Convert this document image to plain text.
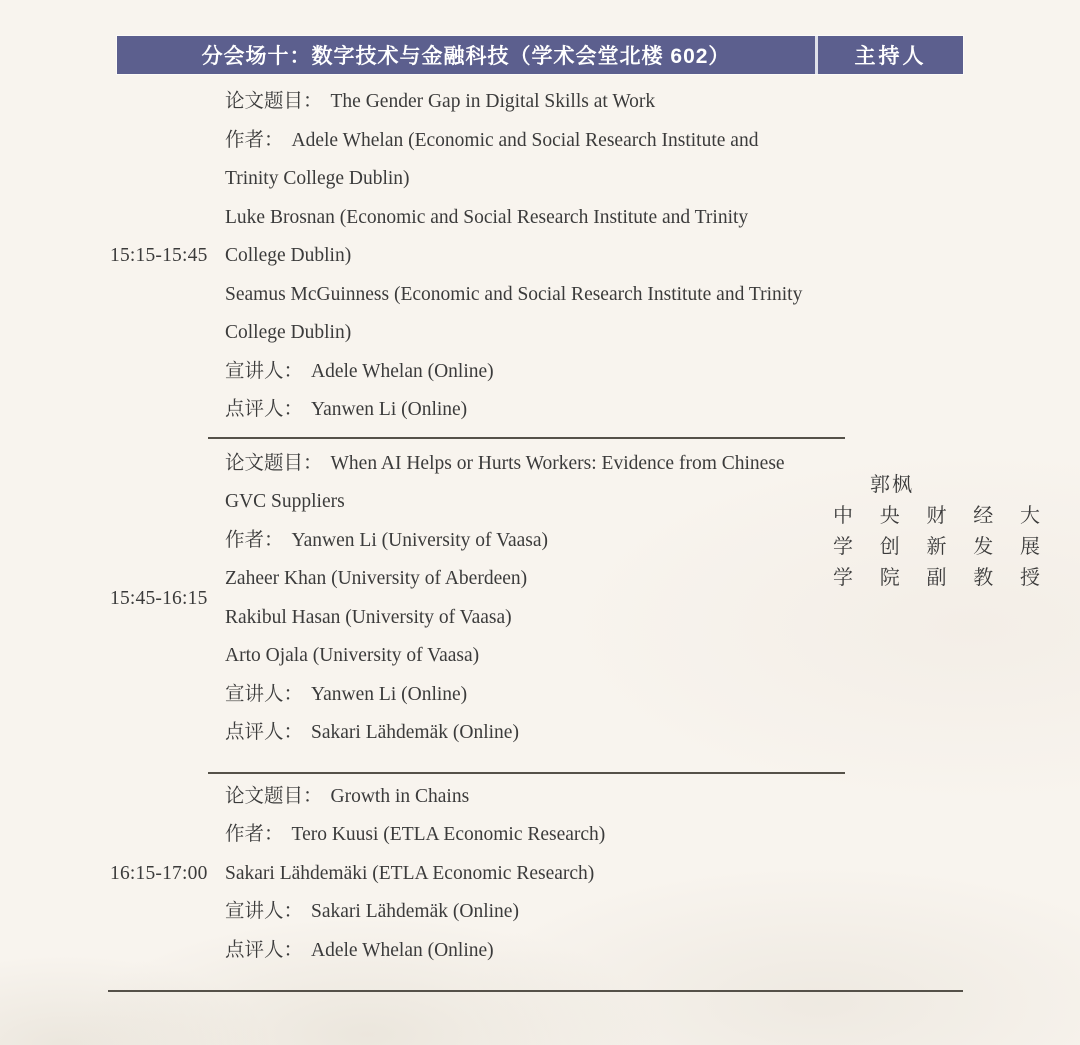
分会场十：数字技术与金融科技（学术会堂北楼 602）	主持人
15:15-15:45

论文题目： The Gender Gap in Digital Skills at Work

作者： Adele Whelan (Economic and Social Research Institute and Trinity College Dublin)

Luke Brosnan (Economic and Social Research Institute and Trinity College Dublin)

Seamus McGuinness (Economic and Social Research Institute and Trinity College Dublin)

宣讲人： Adele Whelan (Online)

点评人： Yanwen Li (Online)

15:45-16:15

论文题目： When AI Helps or Hurts Workers: Evidence from Chinese GVC Suppliers

作者： Yanwen Li (University of Vaasa)

Zaheer Khan (University of Aberdeen)

Rakibul Hasan (University of Vaasa)

Arto Ojala (University of Vaasa)

宣讲人： Yanwen Li (Online)

点评人： Sakari Lähdemäk (Online)

16:15-17:00

论文题目： Growth in Chains

作者： Tero Kuusi (ETLA Economic Research)

Sakari Lähdemäki (ETLA Economic Research)

宣讲人： Sakari Lähdemäk (Online)

点评人： Adele Whelan (Online)

郭枫
中央财经大
学创新发展
学院副教授
